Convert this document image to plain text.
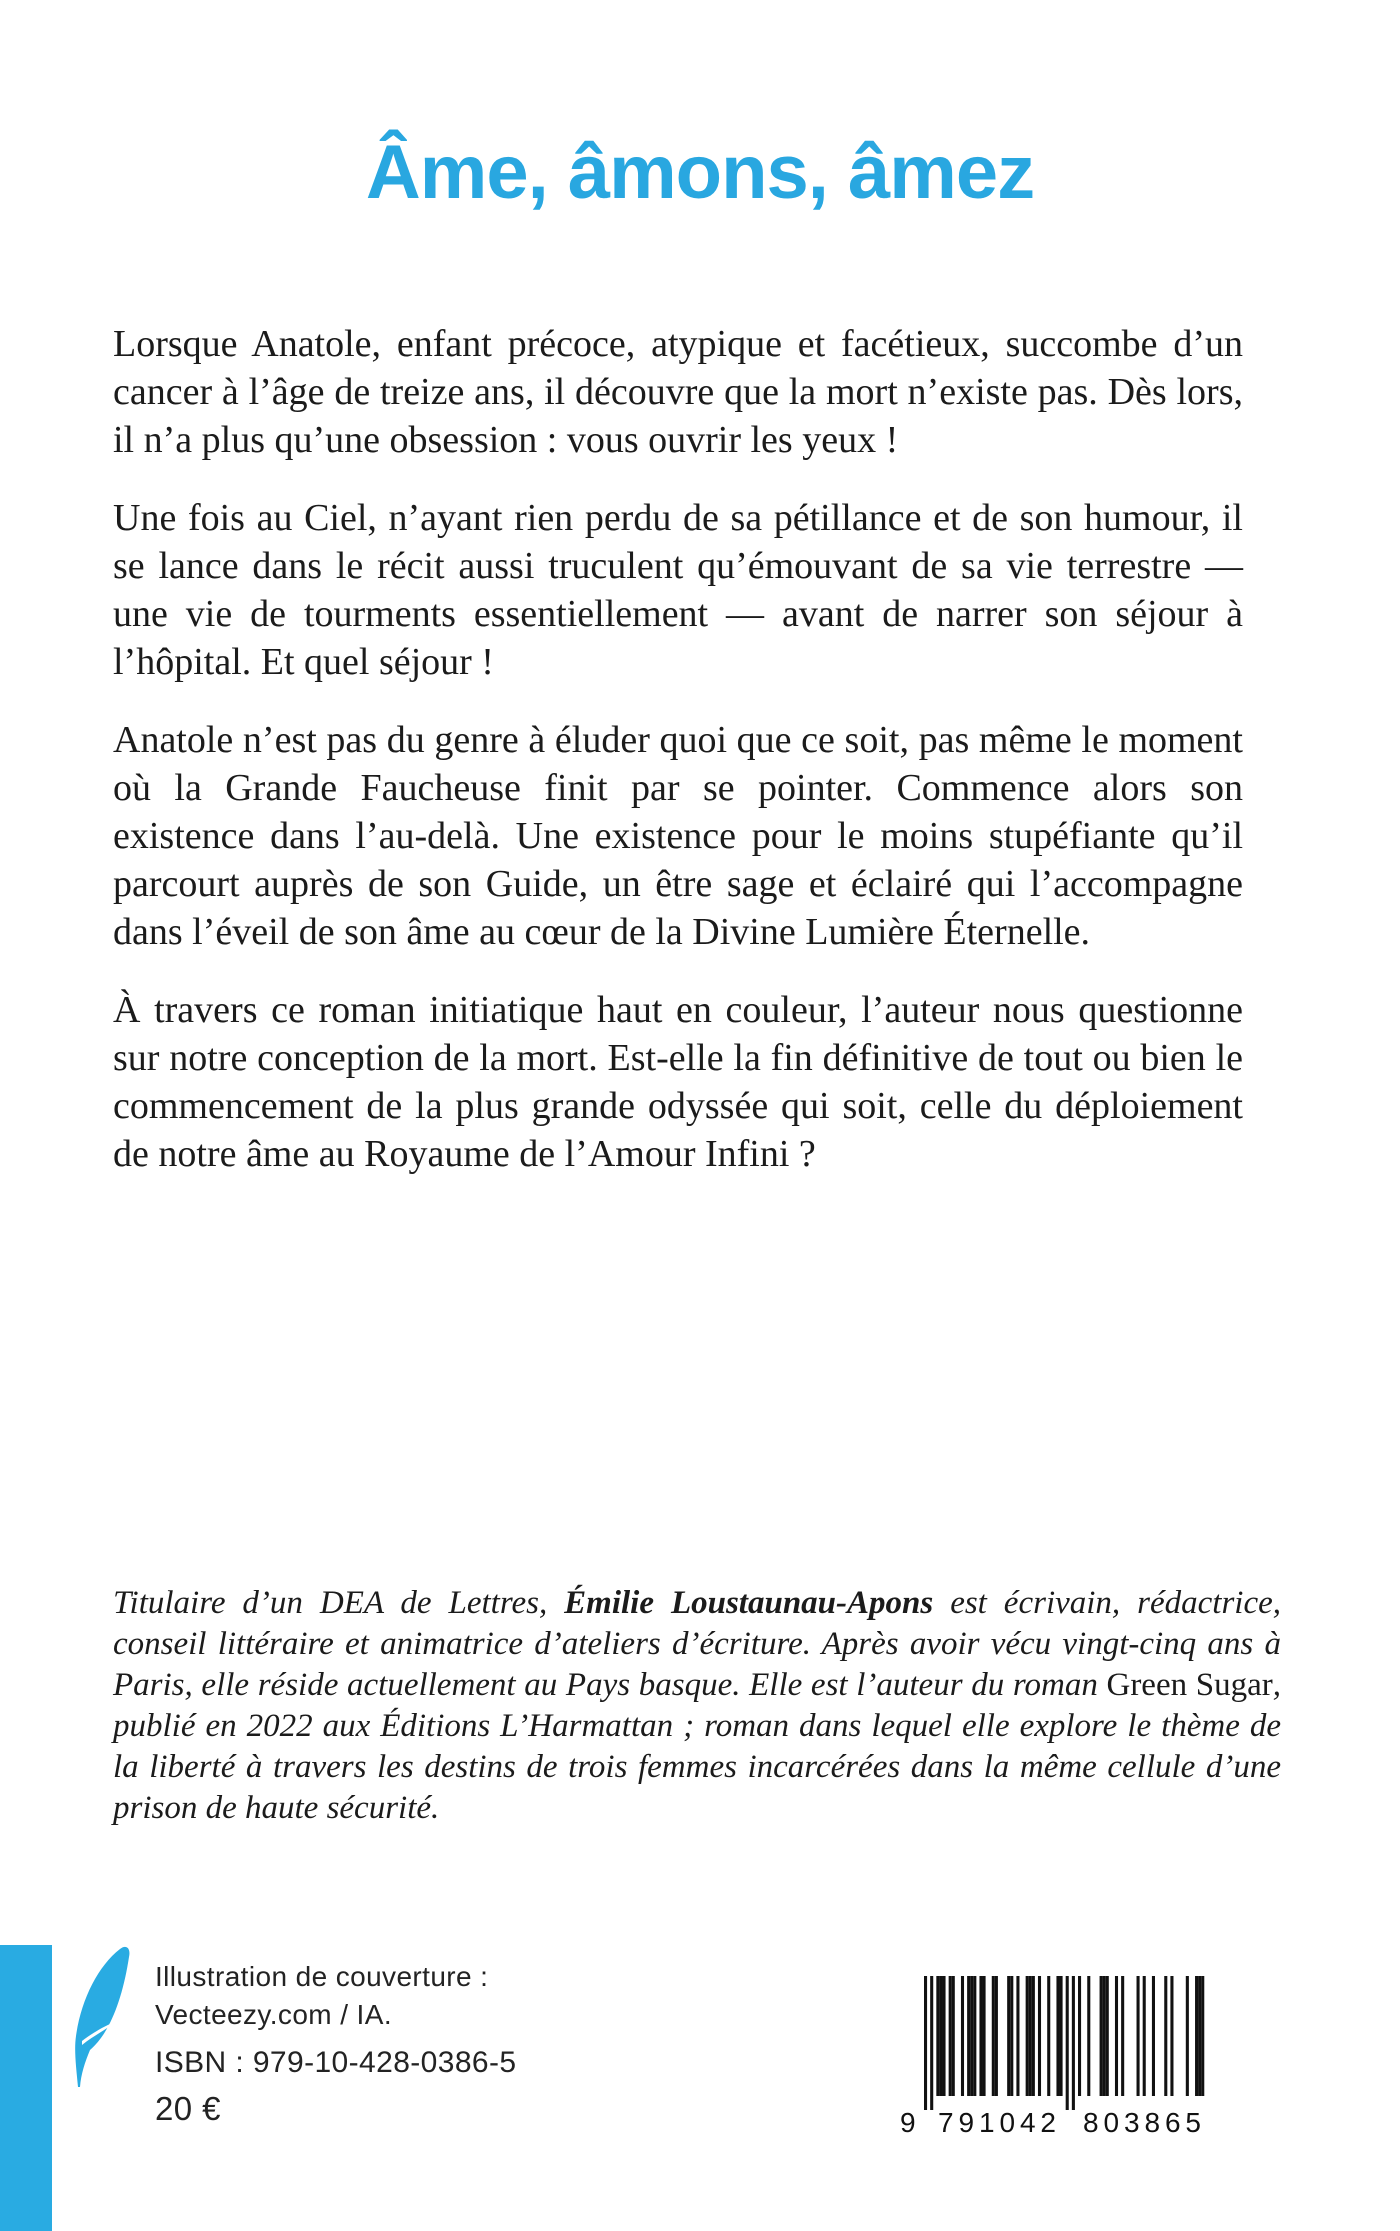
Âme, âmons, âmez

Lorsque Anatole, enfant précoce, atypique et facétieux, succombe d’un cancer à l’âge de treize ans, il découvre que la mort n’existe pas. Dès lors, il n’a plus qu’une obsession : vous ouvrir les yeux !

Une fois au Ciel, n’ayant rien perdu de sa pétillance et de son humour, il se lance dans le récit aussi truculent qu’émouvant de sa vie terrestre — une vie de tourments essentiellement — avant de narrer son séjour à l’hôpital. Et quel séjour !

Anatole n’est pas du genre à éluder quoi que ce soit, pas même le moment où la Grande Faucheuse finit par se pointer. Commence alors son existence dans l’au-delà. Une existence pour le moins stupéfiante qu’il parcourt auprès de son Guide, un être sage et éclairé qui l’accompagne dans l’éveil de son âme au cœur de la Divine Lumière Éternelle.

À travers ce roman initiatique haut en couleur, l’auteur nous questionne sur notre conception de la mort. Est-elle la fin définitive de tout ou bien le commencement de la plus grande odyssée qui soit, celle du déploiement de notre âme au Royaume de l’Amour Infini ?

Titulaire d’un DEA de Lettres, Émilie Loustaunau-Apons est écrivain, rédactrice, conseil littéraire et animatrice d’ateliers d’écriture. Après avoir vécu vingt-cinq ans à Paris, elle réside actuellement au Pays basque. Elle est l’auteur du roman Green Sugar, publié en 2022 aux Éditions L’Harmattan ; roman dans lequel elle explore le thème de la liberté à travers les destins de trois femmes incarcérées dans la même cellule d’une prison de haute sécurité.

Illustration de couverture :
Vecteezy.com / IA.
ISBN : 979-10-428-0386-5
20 €	9 791042 803865
